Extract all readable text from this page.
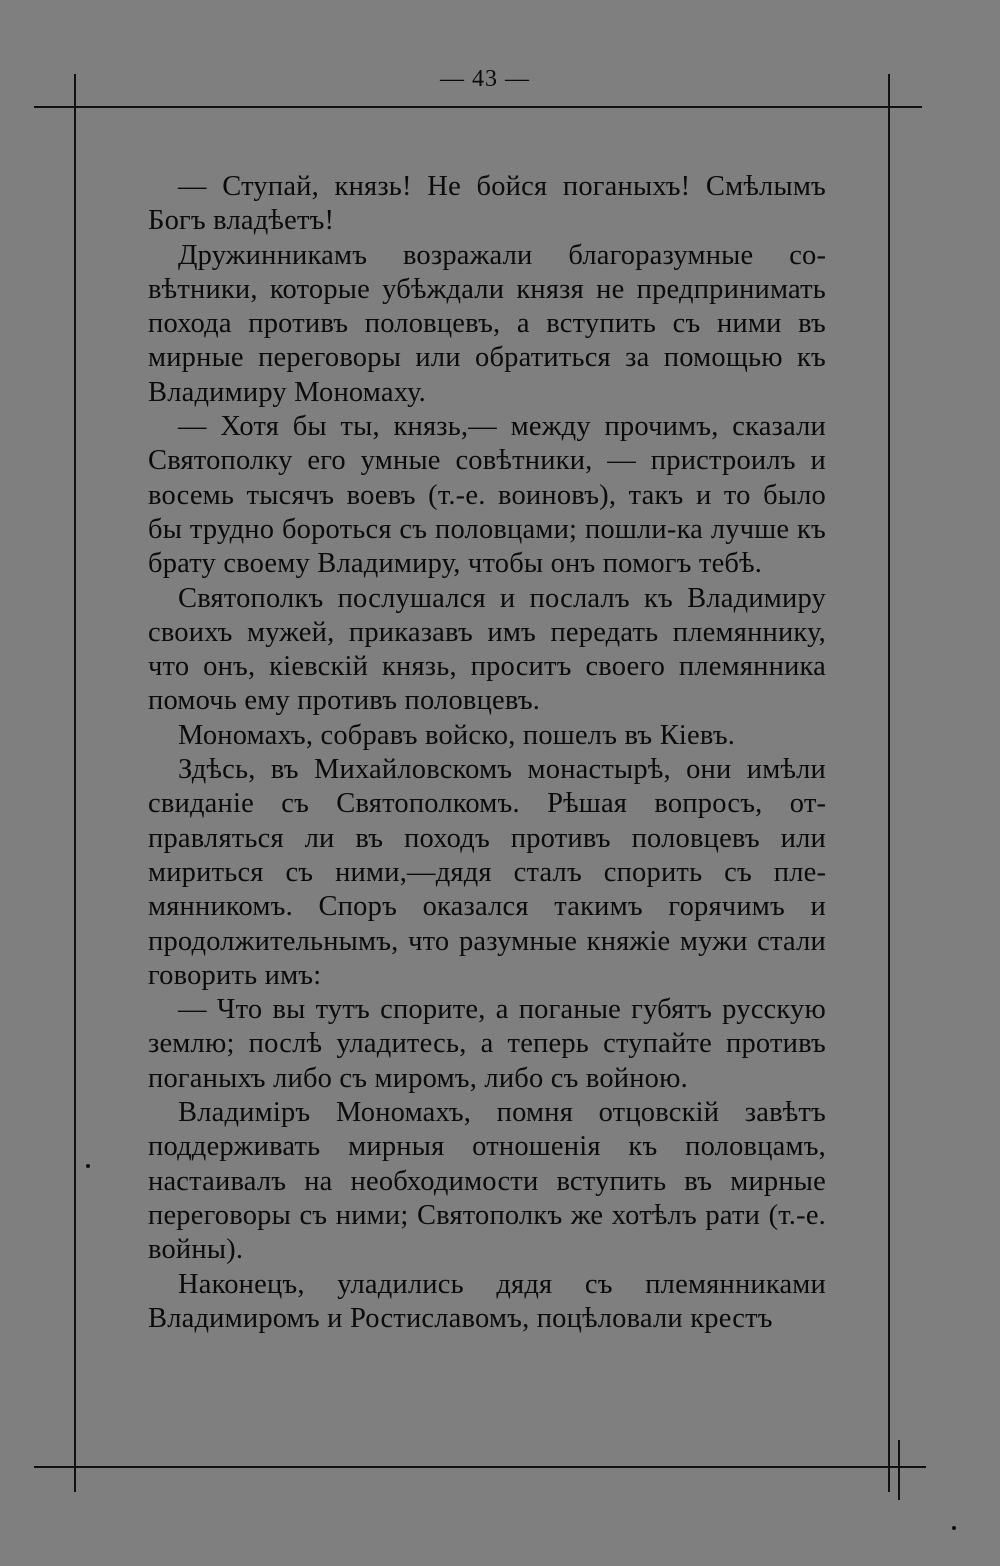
— 43 —

— Ступай, князь! Не бойся поганыхъ! Смѣлымъ Богъ владѣетъ!

Дружинникамъ возражали благоразумные совѣтники, которые убѣждали князя не предпринимать похода противъ половцевъ, а вступить съ ними въ мирные переговоры или обратиться за помощью къ Владимиру Мономаху.

— Хотя бы ты, князь,— между прочимъ, сказали Святополку его умные совѣтники, — пристроилъ и восемь тысячъ воевъ (т.-е. воиновъ), такъ и то было бы трудно бороться съ половцами; пошли-ка лучше къ брату своему Владимиру, чтобы онъ помогъ тебѣ.

Святополкъ послушался и послалъ къ Владимиру своихъ мужей, приказавъ имъ передать племяннику, что онъ, кіевскій князь, проситъ своего племянника помочь ему противъ половцевъ.

Мономахъ, собравъ войско, пошелъ въ Кіевъ.

Здѣсь, въ Михайловскомъ монастырѣ, они имѣли свиданіе съ Святополкомъ. Рѣшая вопросъ, отправляться ли въ походъ противъ половцевъ или мириться съ ними,—дядя сталъ спорить съ племянникомъ. Споръ оказался такимъ горячимъ и продолжительнымъ, что разумные княжіе мужи стали говорить имъ:

— Что вы тутъ спорите, а поганые губятъ русскую землю; послѣ уладитесь, а теперь ступайте противъ поганыхъ либо съ миромъ, либо съ войною.

Владиміръ Мономахъ, помня отцовскій завѣтъ поддерживать мирныя отношенія къ половцамъ, настаивалъ на необходимости вступить въ мирные переговоры съ ними; Святополкъ же хотѣлъ рати (т.-е. войны).

Наконецъ, уладились дядя съ племянниками Владимиромъ и Ростиславомъ, поцѣловали крестъ
